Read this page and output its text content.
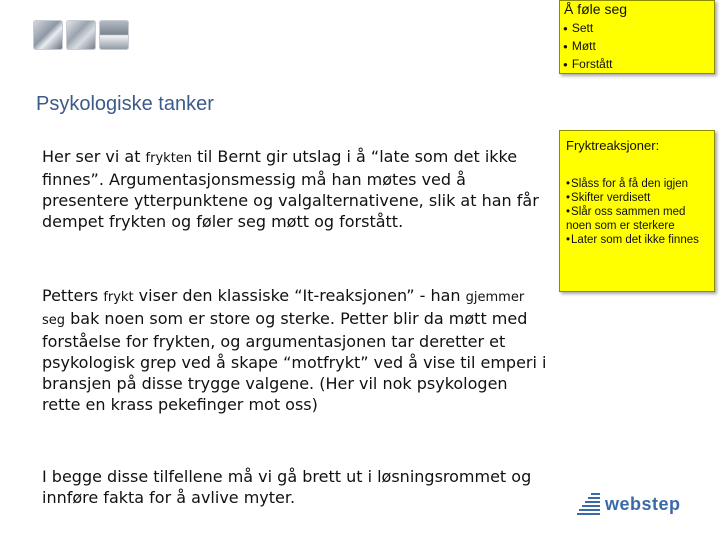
Å føle seg
● Sett
● Møtt
● Forstått
Psykologiske tanker
Her ser vi at frykten til Bernt gir utslag i å “late som det ikke finnes”. Argumentasjonsmessig må han møtes ved å presentere ytterpunktene og valgalternativene, slik at han får dempet frykten og føler seg møtt og forstått.
Petters frykt viser den klassiske “It-reaksjonen” - han gjemmer seg bak noen som er store og sterke. Petter blir da møtt med forståelse for frykten, og argumentasjonen tar deretter et psykologisk grep ved å skape “motfrykt” ved å vise til emperi i bransjen på disse trygge valgene. (Her vil nok psykologen rette en krass pekefinger mot oss)
I begge disse tilfellene må vi gå brett ut i løsningsrommet og innføre fakta for å avlive myter.
Fryktreaksjoner:
• Slåss for å få den igjen
• Skifter verdisett
• Slår oss sammen med noen som er sterkere
• Later som det ikke finnes
webstep
